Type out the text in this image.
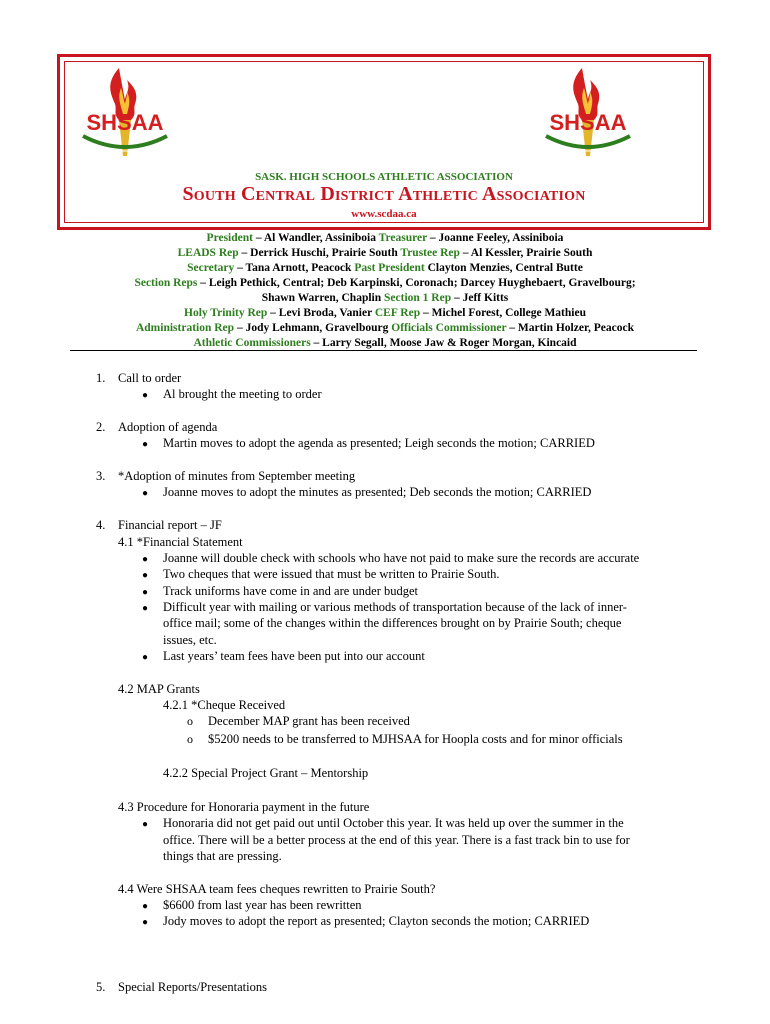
SHSAA	SHSAA
SASK. HIGH SCHOOLS ATHLETIC ASSOCIATION
South Central District Athletic Association
www.scdaa.ca
President – Al Wandler, Assiniboia Treasurer – Joanne Feeley, Assiniboia
LEADS Rep – Derrick Huschi, Prairie South Trustee Rep – Al Kessler, Prairie South
Secretary – Tana Arnott, Peacock Past President Clayton Menzies, Central Butte
Section Reps – Leigh Pethick, Central; Deb Karpinski, Coronach; Darcey Huyghebaert, Gravelbourg;
Shawn Warren, Chaplin Section 1 Rep – Jeff Kitts
Holy Trinity Rep – Levi Broda, Vanier CEF Rep – Michel Forest, College Mathieu
Administration Rep – Jody Lehmann, Gravelbourg Officials Commissioner – Martin Holzer, Peacock
Athletic Commissioners – Larry Segall, Moose Jaw & Roger Morgan, Kincaid
1. Call to order
● Al brought the meeting to order
2. Adoption of agenda
● Martin moves to adopt the agenda as presented; Leigh seconds the motion; CARRIED
3. *Adoption of minutes from September meeting
● Joanne moves to adopt the minutes as presented; Deb seconds the motion; CARRIED
4. Financial report – JF
4.1 *Financial Statement
● Joanne will double check with schools who have not paid to make sure the records are accurate
● Two cheques that were issued that must be written to Prairie South.
● Track uniforms have come in and are under budget
● Difficult year with mailing or various methods of transportation because of the lack of inner-
office mail; some of the changes within the differences brought on by Prairie South; cheque
issues, etc.
● Last years’ team fees have been put into our account
4.2 MAP Grants
4.2.1 *Cheque Received
o December MAP grant has been received
o $5200 needs to be transferred to MJHSAA for Hoopla costs and for minor officials
4.2.2 Special Project Grant – Mentorship
4.3 Procedure for Honoraria payment in the future
● Honoraria did not get paid out until October this year. It was held up over the summer in the
office. There will be a better process at the end of this year. There is a fast track bin to use for
things that are pressing.
4.4 Were SHSAA team fees cheques rewritten to Prairie South?
● $6600 from last year has been rewritten
● Jody moves to adopt the report as presented; Clayton seconds the motion; CARRIED
5. Special Reports/Presentations
